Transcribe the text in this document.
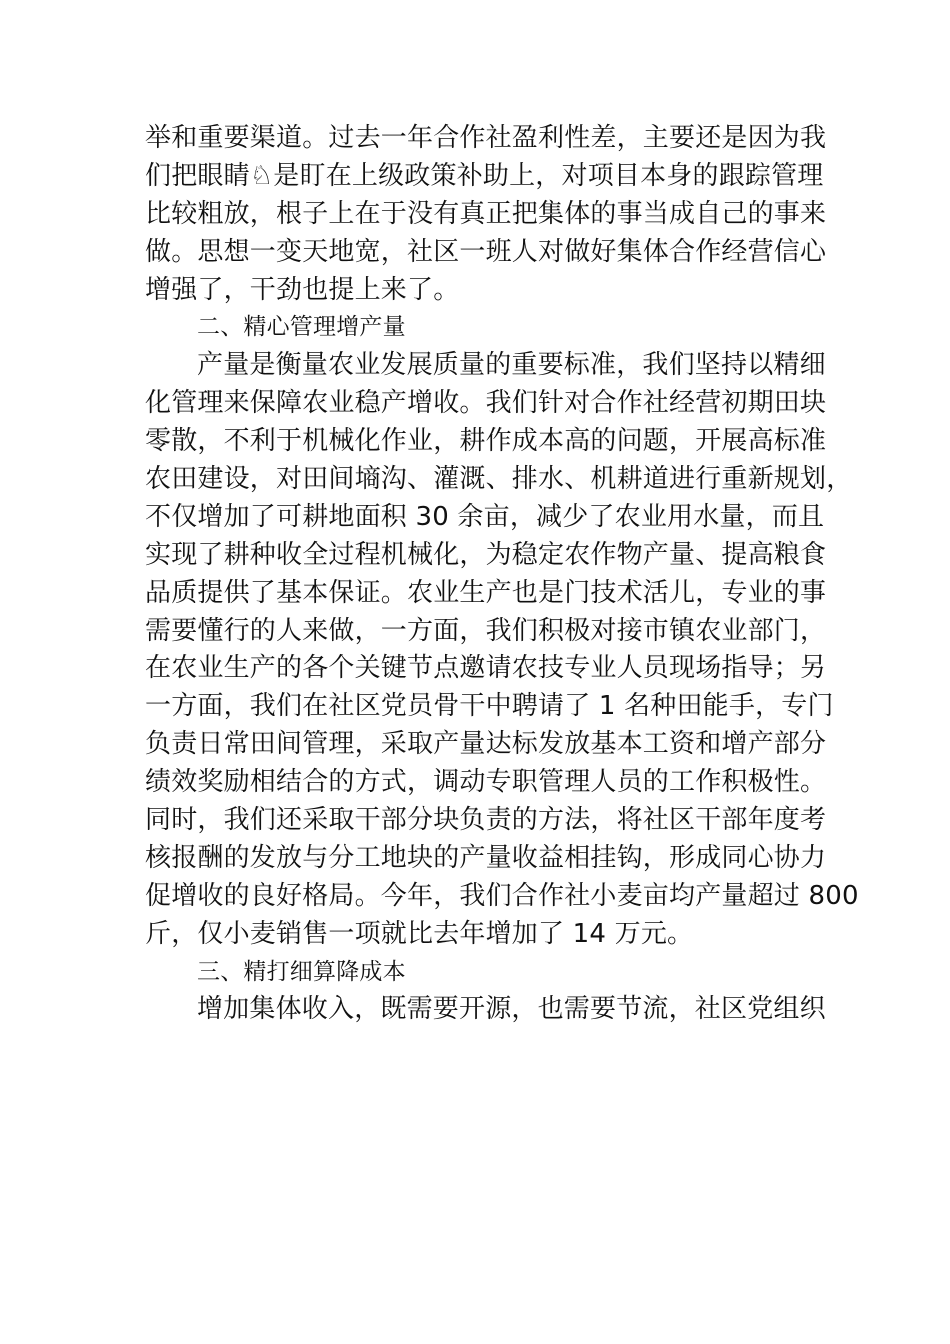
举和重要渠道。过去一年合作社盈利性差，主要还是因为我
们把眼睛♘是盯在上级政策补助上，对项目本身的跟踪管理
比较粗放，根子上在于没有真正把集体的事当成自己的事来
做。思想一变天地宽，社区一班人对做好集体合作经营信心
增强了，干劲也提上来了。
二、精心管理增产量
产量是衡量农业发展质量的重要标准，我们坚持以精细
化管理来保障农业稳产增收。我们针对合作社经营初期田块
零散，不利于机械化作业，耕作成本高的问题，开展高标准
农田建设，对田间墒沟、灌溉、排水、机耕道进行重新规划，
不仅增加了可耕地面积 30 余亩，减少了农业用水量，而且
实现了耕种收全过程机械化，为稳定农作物产量、提高粮食
品质提供了基本保证。农业生产也是门技术活儿，专业的事
需要懂行的人来做，一方面，我们积极对接市镇农业部门，
在农业生产的各个关键节点邀请农技专业人员现场指导；另
一方面，我们在社区党员骨干中聘请了 1 名种田能手，专门
负责日常田间管理，采取产量达标发放基本工资和增产部分
绩效奖励相结合的方式，调动专职管理人员的工作积极性。
同时，我们还采取干部分块负责的方法，将社区干部年度考
核报酬的发放与分工地块的产量收益相挂钩，形成同心协力
促增收的良好格局。今年，我们合作社小麦亩均产量超过 800
斤，仅小麦销售一项就比去年增加了 14 万元。
三、精打细算降成本
增加集体收入，既需要开源，也需要节流，社区党组织
